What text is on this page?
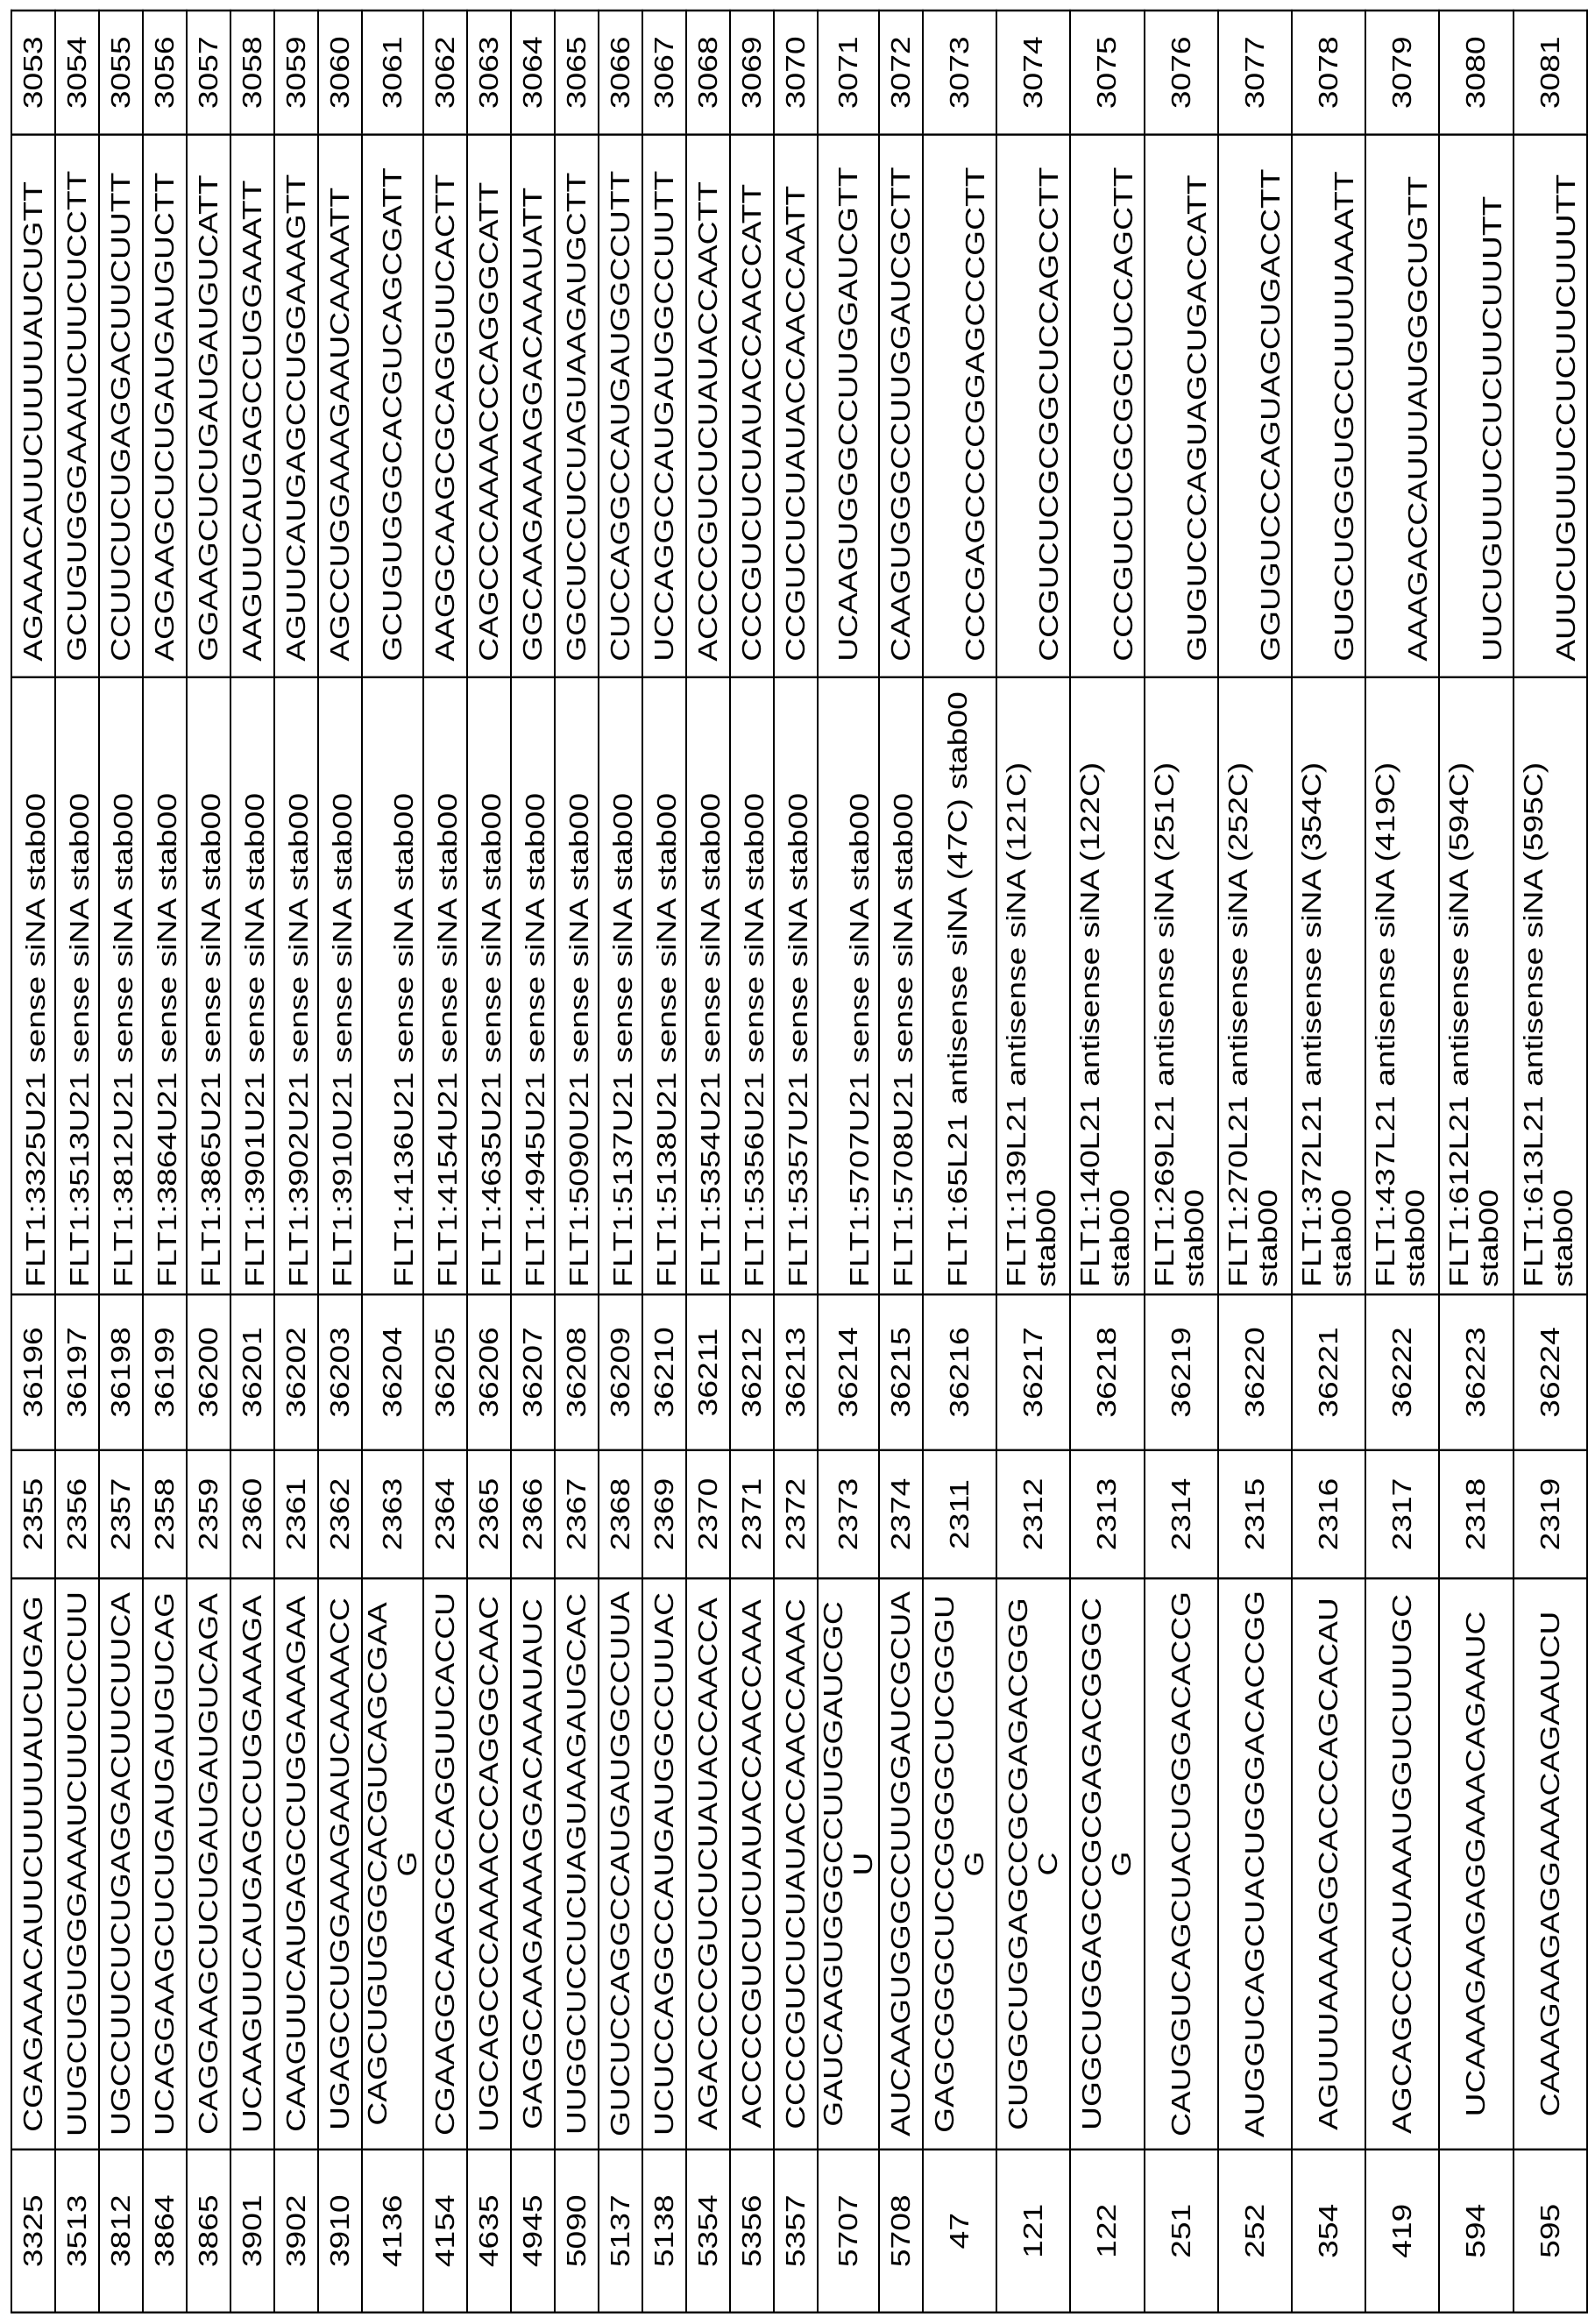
3325	CGAGAAACAUUCUUUUAUCUGAG	2355	36196	FLT1:3325U21 sense siNA stab00	AGAAACAUUCUUUUAUCUGTT	3053
3513	UUGCUGUGGGAAAUCUUCUCCUU	2356	36197	FLT1:3513U21 sense siNA stab00	GCUGUGGGAAAUCUUCUCCTT	3054
3812	UGCCUUCUCUGAGGACUUCUUCA	2357	36198	FLT1:3812U21 sense siNA stab00	CCUUCUCUGAGGACUUCUUTT	3055
3864	UCAGGAAGCUCUGAUGAUGUCAG	2358	36199	FLT1:3864U21 sense siNA stab00	AGGAAGCUCUGAUGAUGUCTT	3056
3865	CAGGAAGCUCUGAUGAUGUCAGA	2359	36200	FLT1:3865U21 sense siNA stab00	GGAAGCUCUGAUGAUGUCATT	3057
3901	UCAAGUUCAUGAGCCUGGAAAGA	2360	36201	FLT1:3901U21 sense siNA stab00	AAGUUCAUGAGCCUGGAAATT	3058
3902	CAAGUUCAUGAGCCUGGAAAGAA	2361	36202	FLT1:3902U21 sense siNA stab00	AGUUCAUGAGCCUGGAAAGTT	3059
3910	UGAGCCUGGAAAGAAUCAAAACC	2362	36203	FLT1:3910U21 sense siNA stab00	AGCCUGGAAAGAAUCAAAATT	3060
4136	CAGCUGUGGGCACGUCAGCGAAG	2363	36204	FLT1:4136U21 sense siNA stab00	GCUGUGGGCACGUCAGCGATT	3061
4154	CGAAGGCAAGCGCAGGUUCACCU	2364	36205	FLT1:4154U21 sense siNA stab00	AAGGCAAGCGCAGGUUCACTT	3062
4635	UGCAGCCCAAAACCCAGGGCAAC	2365	36206	FLT1:4635U21 sense siNA stab00	CAGCCCAAAACCCAGGGCATT	3063
4945	GAGGCAAGAAAAGGACAAAUAUC	2366	36207	FLT1:4945U21 sense siNA stab00	GGCAAGAAAAGGACAAAUATT	3064
5090	UUGGCUCCUCUAGUAAGAUGCAC	2367	36208	FLT1:5090U21 sense siNA stab00	GGCUCCUCUAGUAAGAUGCTT	3065
5137	GUCUCCAGGCCAUGAUGGCCUUA	2368	36209	FLT1:5137U21 sense siNA stab00	CUCCAGGCCAUGAUGGCCUTT	3066
5138	UCUCCAGGCCAUGAUGGCCUUAC	2369	36210	FLT1:5138U21 sense siNA stab00	UCCAGGCCAUGAUGGCCUUTT	3067
5354	AGACCCCGUCUCUAUACCAACCA	2370	36211	FLT1:5354U21 sense siNA stab00	ACCCCGUCUCUAUACCAACTT	3068
5356	ACCCCGUCUCUAUACCAACCAAA	2371	36212	FLT1:5356U21 sense siNA stab00	CCCGUCUCUAUACCAACCATT	3069
5357	CCCCGUCUCUAUACCAACCAAAC	2372	36213	FLT1:5357U21 sense siNA stab00	CCGUCUCUAUACCAACCAATT	3070
5707	GAUCAAGUGGGCCUUGGAUCGCU	2373	36214	FLT1:5707U21 sense siNA stab00	UCAAGUGGGCCUUGGAUCGTT	3071
5708	AUCAAGUGGGCCUUGGAUCGCUA	2374	36215	FLT1:5708U21 sense siNA stab00	CAAGUGGGCCUUGGAUCGCTT	3072
47	GAGCGGGCUCCGGGGCUCGGGUG	2311	36216	FLT1:65L21 antisense siNA (47C) stab00	CCCGAGCCCCGGAGCCCGCTT	3073
121	CUGGCUGGAGCCGCGAGACGGGC	2312	36217	FLT1:139L21 antisense siNA (121C) stab00	CCGUCUCGCGGCUCCAGCCTT	3074
122	UGGCUGGAGCCGCGAGACGGGCG	2313	36218	FLT1:140L21 antisense siNA (122C) stab00	CCCGUCUCGCGGCUCCAGCTT	3075
251	CAUGGUCAGCUACUGGGACACCG	2314	36219	FLT1:269L21 antisense siNA (251C) stab00	GUGUCCCAGUAGCUGACCATT	3076
252	AUGGUCAGCUACUGGGACACCGG	2315	36220	FLT1:270L21 antisense siNA (252C) stab00	GGUGUCCCAGUAGCUGACCTT	3077
354	AGUUUAAAAGGCACCCAGCACAU	2316	36221	FLT1:372L21 antisense siNA (354C) stab00	GUGCUGGGUGCCUUUUAAATT	3078
419	AGCAGCCCAUAAAUGGUCUUUGC	2317	36222	FLT1:437L21 antisense siNA (419C) stab00	AAAGACCAUUUAUGGGCUGTT	3079
594	UCAAAGAAGAGGAAACAGAAUC	2318	36223	FLT1:612L21 antisense siNA (594C) stab00	UUCUGUUUCCUCUUCUUUTT	3080
595	CAAAGAAGAGGAAACAGAAUCU	2319	36224	FLT1:613L21 antisense siNA (595C) stab00	AUUCUGUUUCCUCUUCUUUTT	3081
